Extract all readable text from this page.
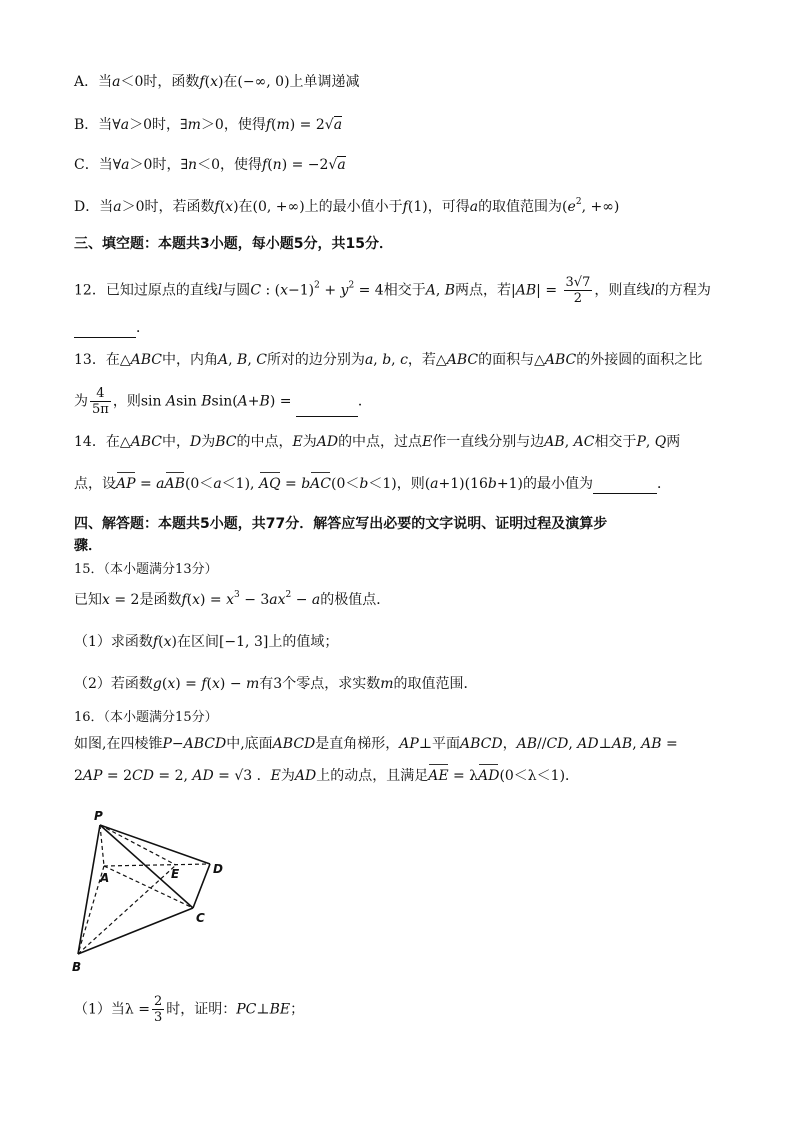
A．当a＜0时，函数f(x)在(−∞, 0)上单调递减
B．当∀a＞0时，∃m＞0，使得f(m) = 2√a
C．当∀a＞0时，∃n＜0，使得f(n) = −2√a
D．当a＞0时，若函数f(x)在(0, +∞)上的最小值小于f(1)，可得a的取值范围为($e^2$, +∞)
三、填空题：本题共3小题，每小题5分，共15分．
12．已知过原点的直线l与圆C : $(x-1)^2 + y^2 = 4$相交于A, B两点，若$|AB| = \frac{3√7}{2}$ ，则直线l的方程为
．
13．在△ABC中，内角A, B, C所对的边分别为a, b, c，若△ABC的面积与△ABC的外接圆的面积之比
为 $\frac{4}{5\pi}$ ，则sin Asin Bsin(A+B) =	．
14．在△ABC中，D为BC的中点，E为AD的中点，过点E作一直线分别与边AB, AC相交于P, Q两
点，设AP = aAB(0＜a＜1), AQ = bAC(0＜b＜1)，则(a+1)(16b+1)的最小值为	．
四、解答题：本题共5小题，共77分．解答应写出必要的文字说明、证明过程及演算步
骤．
15．（本小题满分13分）
已知x = 2是函数$f(x) = x^3 - 3ax^2 - a$的极值点．
（1）求函数f(x)在区间[−1, 3]上的值域；
（2）若函数g(x) = f(x) − m有3个零点，求实数m的取值范围．
16．（本小题满分15分）
如图,在四棱锥P−ABCD中,底面ABCD是直角梯形，AP⊥平面ABCD，AB//CD, AD⊥AB, AB =
2AP = 2CD = 2, AD = √3 ．E为AD上的动点，且满足AE = λAD(0＜λ＜1)．
P
A	E	D
C
B
（1）当$\lambda = \frac{2}{3}$ 时，证明：PC⊥BE；
